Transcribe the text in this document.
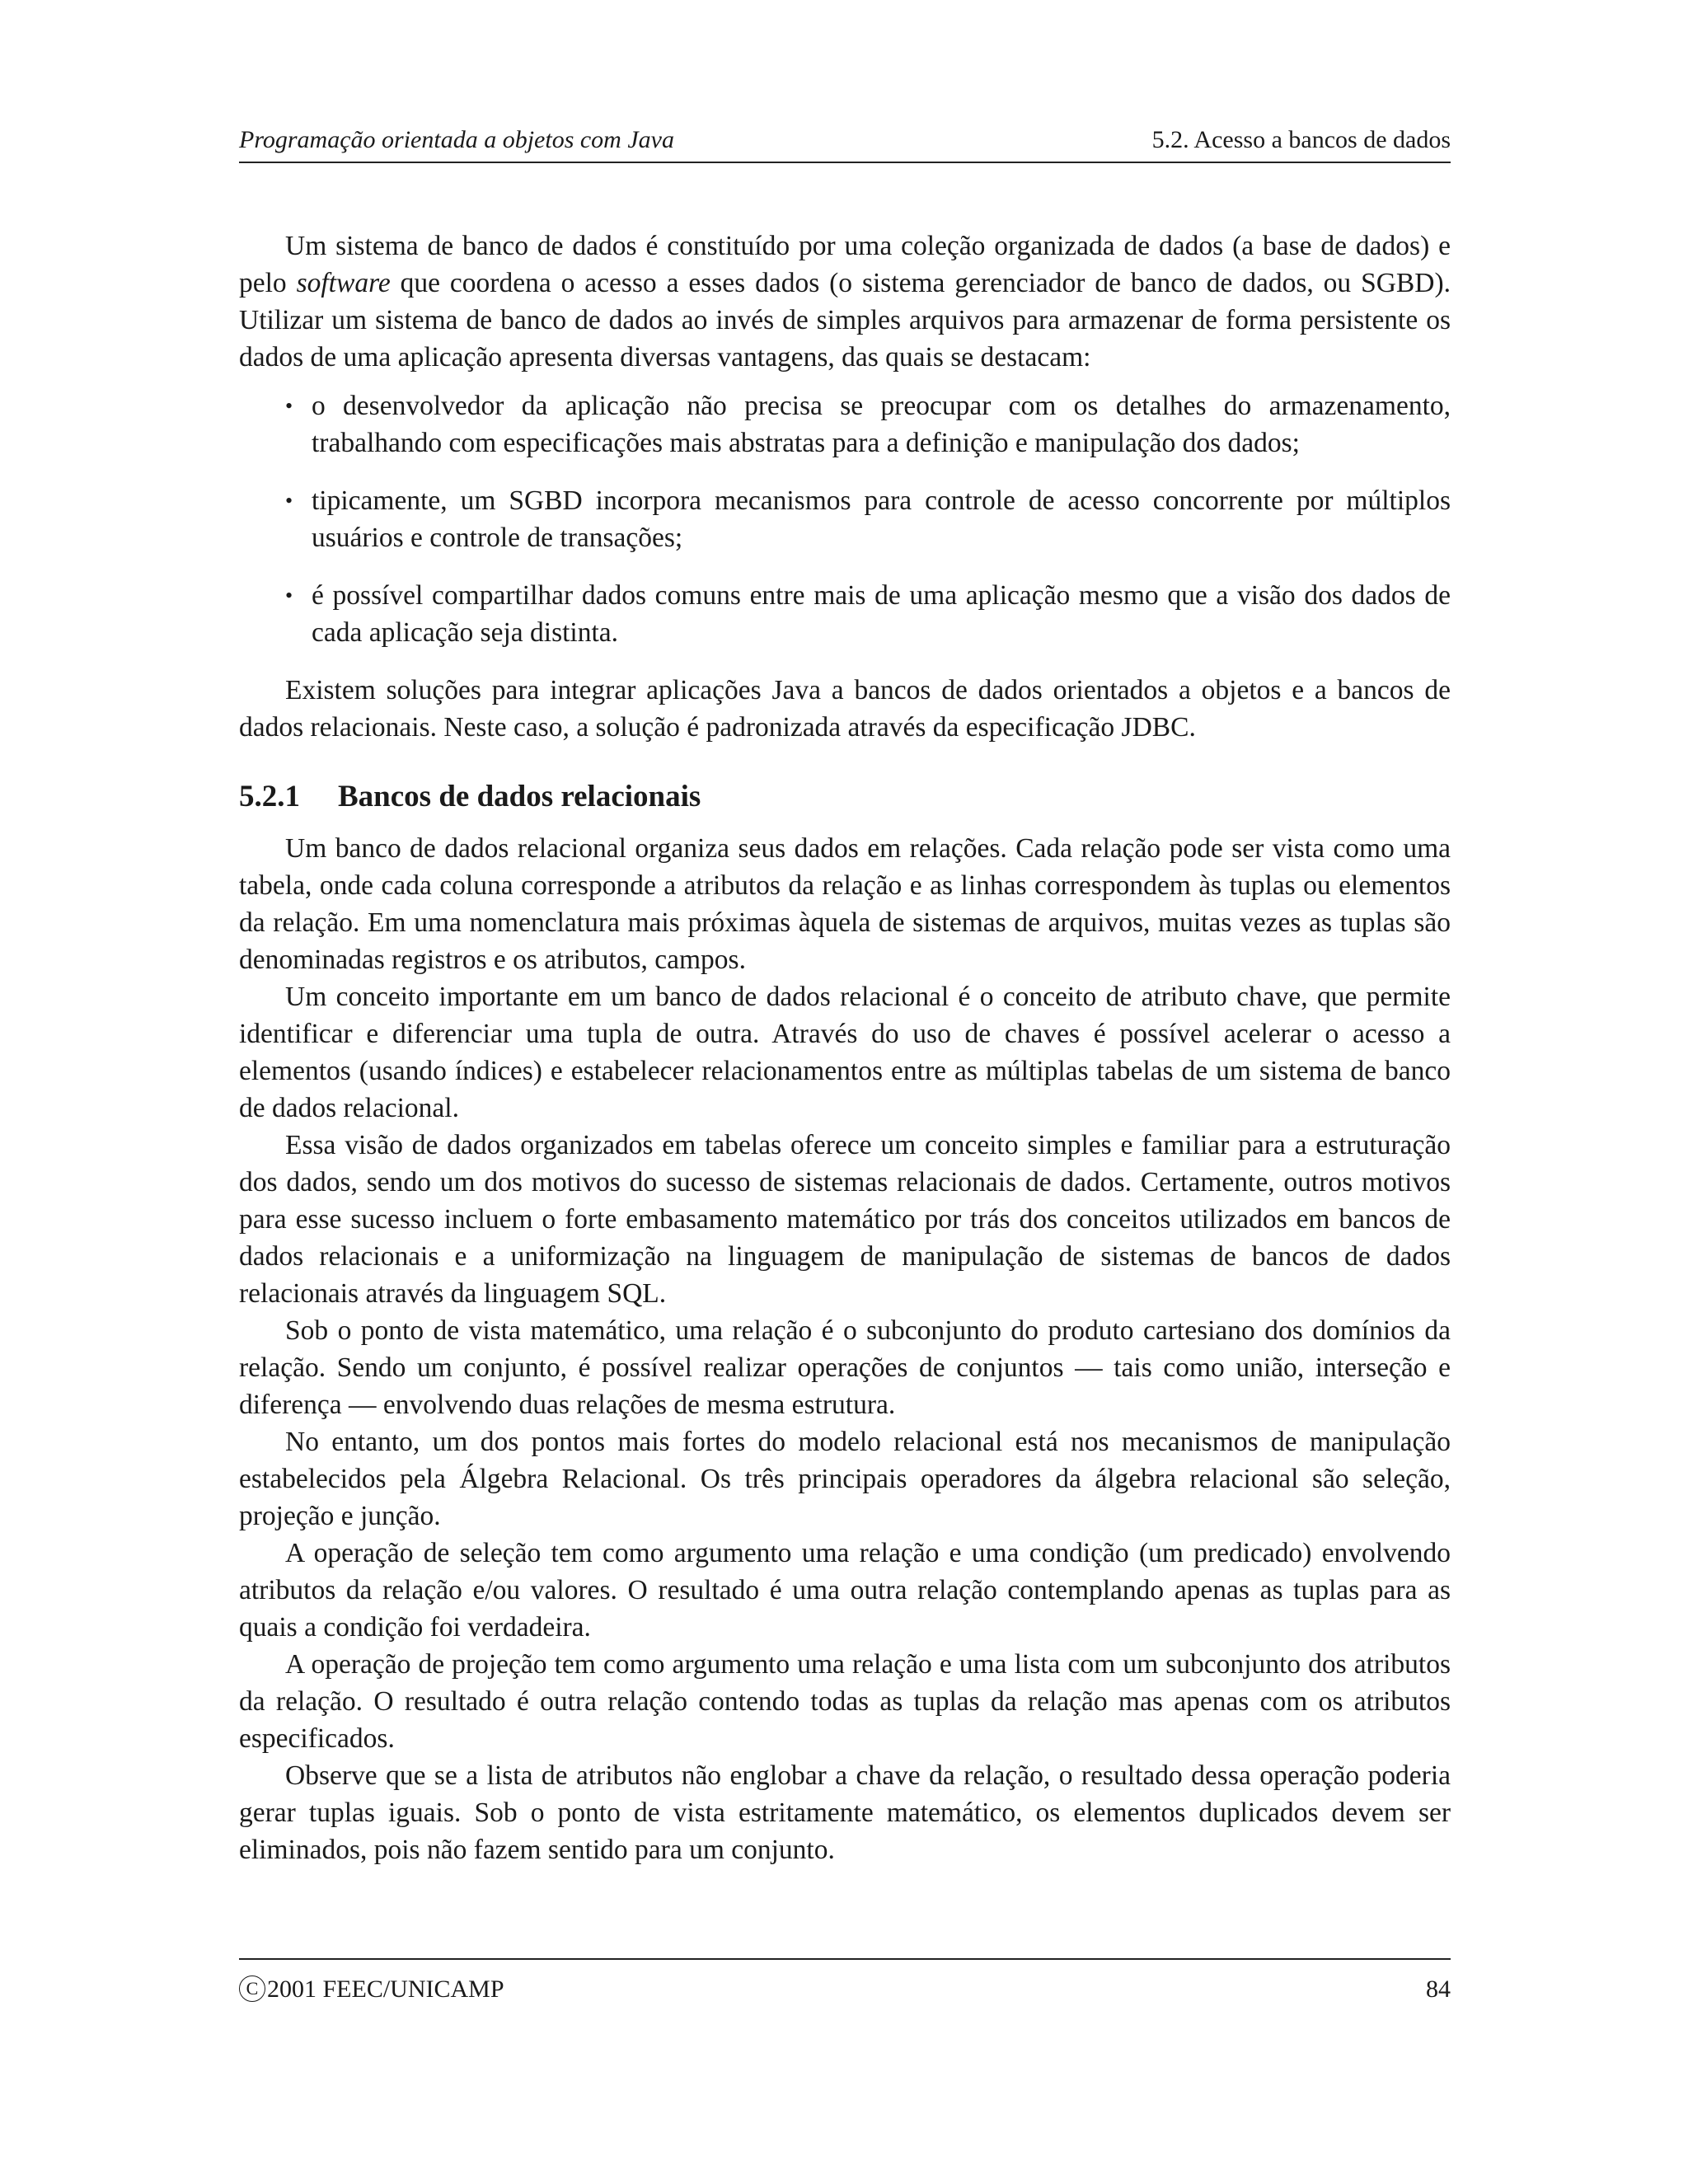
Programação orientada a objetos com Java	5.2. Acesso a bancos de dados

Um sistema de banco de dados é constituído por uma coleção organizada de dados (a base de dados) e pelo software que coordena o acesso a esses dados (o sistema gerenciador de banco de dados, ou SGBD). Utilizar um sistema de banco de dados ao invés de simples arquivos para armazenar de forma persistente os dados de uma aplicação apresenta diversas vantagens, das quais se destacam:

• o desenvolvedor da aplicação não precisa se preocupar com os detalhes do armazenamento, trabalhando com especificações mais abstratas para a definição e manipulação dos dados;
• tipicamente, um SGBD incorpora mecanismos para controle de acesso concorrente por múltiplos usuários e controle de transações;
• é possível compartilhar dados comuns entre mais de uma aplicação mesmo que a visão dos dados de cada aplicação seja distinta.

Existem soluções para integrar aplicações Java a bancos de dados orientados a objetos e a bancos de dados relacionais. Neste caso, a solução é padronizada através da especificação JDBC.

5.2.1 Bancos de dados relacionais

Um banco de dados relacional organiza seus dados em relações. Cada relação pode ser vista como uma tabela, onde cada coluna corresponde a atributos da relação e as linhas correspondem às tuplas ou elementos da relação. Em uma nomenclatura mais próximas àquela de sistemas de arquivos, muitas vezes as tuplas são denominadas registros e os atributos, campos.

Um conceito importante em um banco de dados relacional é o conceito de atributo chave, que permite identificar e diferenciar uma tupla de outra. Através do uso de chaves é possível acelerar o acesso a elementos (usando índices) e estabelecer relacionamentos entre as múltiplas tabelas de um sistema de banco de dados relacional.

Essa visão de dados organizados em tabelas oferece um conceito simples e familiar para a estruturação dos dados, sendo um dos motivos do sucesso de sistemas relacionais de dados. Certamente, outros motivos para esse sucesso incluem o forte embasamento matemático por trás dos conceitos utilizados em bancos de dados relacionais e a uniformização na linguagem de manipulação de sistemas de bancos de dados relacionais através da linguagem SQL.

Sob o ponto de vista matemático, uma relação é o subconjunto do produto cartesiano dos domínios da relação. Sendo um conjunto, é possível realizar operações de conjuntos — tais como união, interseção e diferença — envolvendo duas relações de mesma estrutura.

No entanto, um dos pontos mais fortes do modelo relacional está nos mecanismos de manipulação estabelecidos pela Álgebra Relacional. Os três principais operadores da álgebra relacional são seleção, projeção e junção.

A operação de seleção tem como argumento uma relação e uma condição (um predicado) envolvendo atributos da relação e/ou valores. O resultado é uma outra relação contemplando apenas as tuplas para as quais a condição foi verdadeira.

A operação de projeção tem como argumento uma relação e uma lista com um subconjunto dos atributos da relação. O resultado é outra relação contendo todas as tuplas da relação mas apenas com os atributos especificados.

Observe que se a lista de atributos não englobar a chave da relação, o resultado dessa operação poderia gerar tuplas iguais. Sob o ponto de vista estritamente matemático, os elementos duplicados devem ser eliminados, pois não fazem sentido para um conjunto.

C 2001 FEEC/UNICAMP	84
